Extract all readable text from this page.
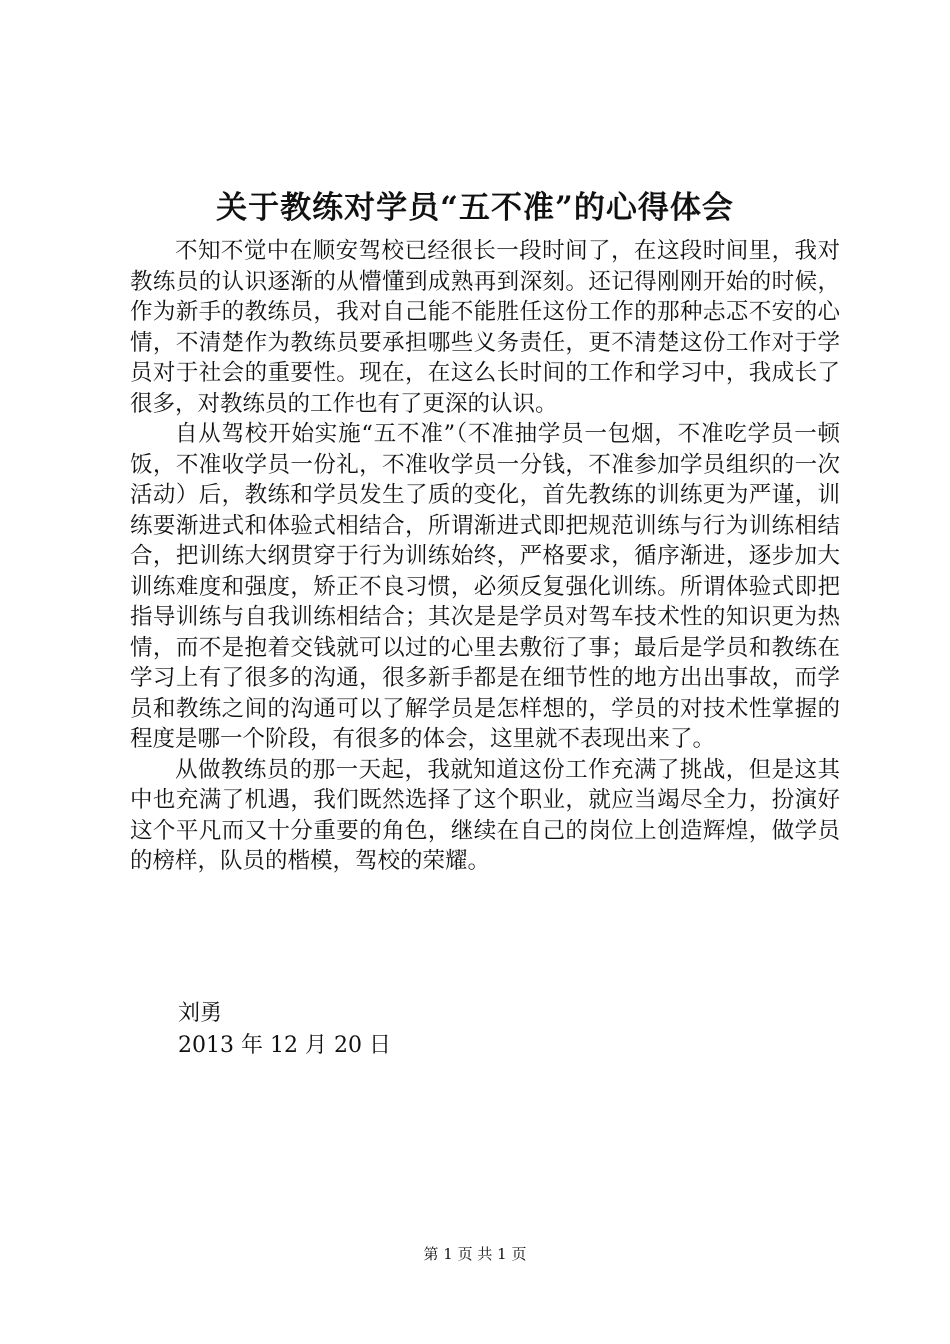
关于教练对学员“五不准”的心得体会

不知不觉中在顺安驾校已经很长一段时间了，在这段时间里，我对教练员的认识逐渐的从懵懂到成熟再到深刻。还记得刚刚开始的时候，作为新手的教练员，我对自己能不能胜任这份工作的那种忐忑不安的心情，不清楚作为教练员要承担哪些义务责任，更不清楚这份工作对于学员对于社会的重要性。现在，在这么长时间的工作和学习中，我成长了很多，对教练员的工作也有了更深的认识。

自从驾校开始实施“五不准”（不准抽学员一包烟，不准吃学员一顿饭，不准收学员一份礼，不准收学员一分钱，不准参加学员组织的一次活动）后，教练和学员发生了质的变化，首先教练的训练更为严谨，训练要渐进式和体验式相结合，所谓渐进式即把规范训练与行为训练相结合，把训练大纲贯穿于行为训练始终，严格要求，循序渐进，逐步加大训练难度和强度，矫正不良习惯，必须反复强化训练。所谓体验式即把指导训练与自我训练相结合；其次是是学员对驾车技术性的知识更为热情，而不是抱着交钱就可以过的心里去敷衍了事；最后是学员和教练在学习上有了很多的沟通，很多新手都是在细节性的地方出出事故，而学员和教练之间的沟通可以了解学员是怎样想的，学员的对技术性掌握的程度是哪一个阶段，有很多的体会，这里就不表现出来了。

从做教练员的那一天起，我就知道这份工作充满了挑战，但是这其中也充满了机遇，我们既然选择了这个职业，就应当竭尽全力，扮演好这个平凡而又十分重要的角色，继续在自己的岗位上创造辉煌，做学员的榜样，队员的楷模，驾校的荣耀。

刘勇
2013 年 12 月 20 日
第 1 页 共 1 页
